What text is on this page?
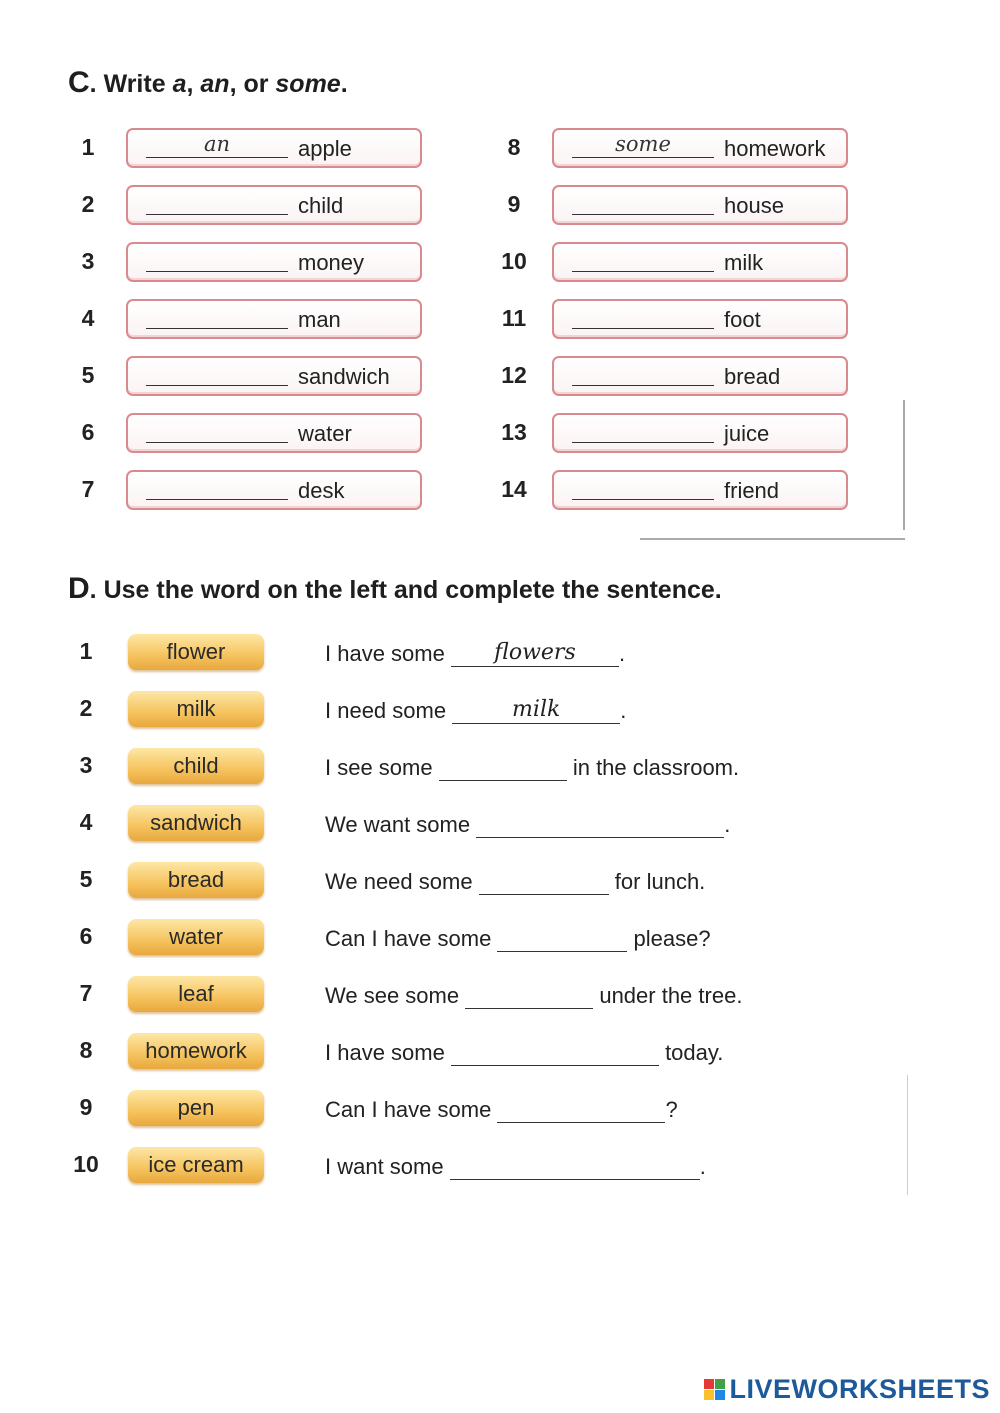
C. Write a, an, or some.
1	an	apple
2	child
3	money
4	man
5	sandwich
6	water
7	desk
8	some	homework
9	house
10	milk
11	foot
12	bread
13	juice
14	friend
D. Use the word on the left and complete the sentence.
1	flower	I have some flowers .
2	milk	I need some	milk	.
3	child	I see some	in the classroom.
4	sandwich	We want some	.
5	bread	We need some	for lunch.
6	water	Can I have some	please?
7	leaf	We see some	under the tree.
8	homework	I have some	today.
9	pen	Can I have some	?
10	ice cream	I want some	.
LIVEWORKSHEETS
